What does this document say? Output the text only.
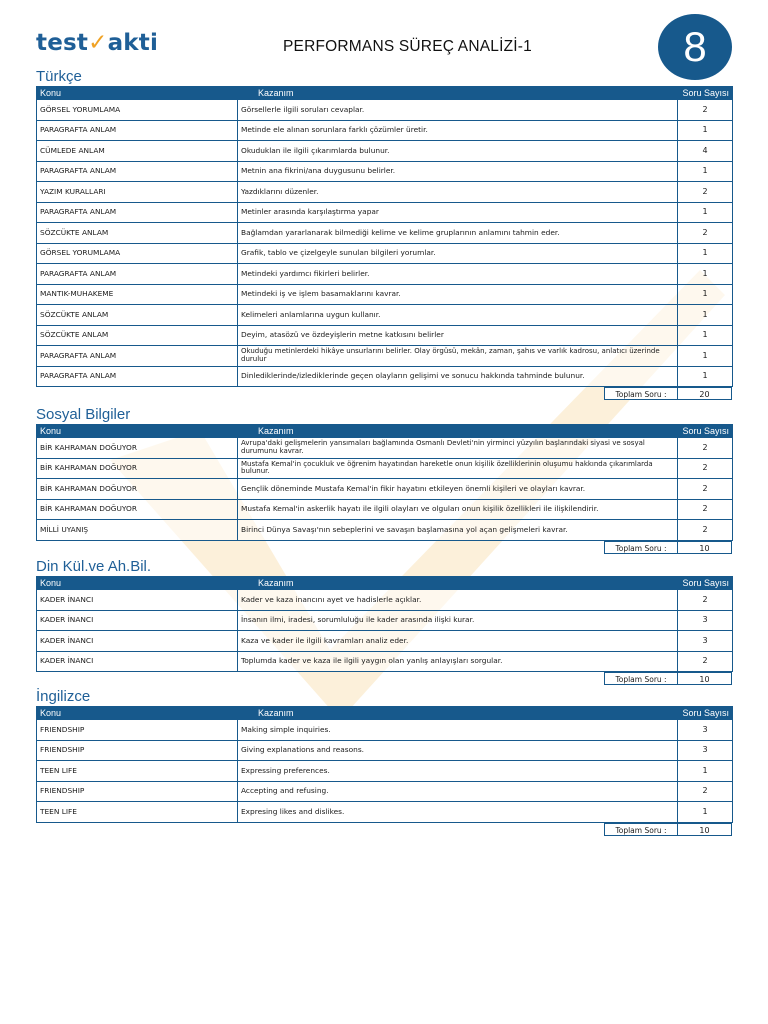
test✓akti	PERFORMANS SÜREÇ ANALİZİ-1	8
Türkçe
Konu	Kazanım	Soru Sayısı
GÖRSEL YORUMLAMA	Görsellerle ilgili soruları cevaplar.	2
PARAGRAFTA ANLAM	Metinde ele alınan sorunlara farklı çözümler üretir.	1
CÜMLEDE ANLAM	Okuduklan ile ilgili çıkarımlarda bulunur.	4
PARAGRAFTA ANLAM	Metnin ana fikrini/ana duygusunu belirler.	1
YAZIM KURALLARI	Yazdıklarını düzenler.	2
PARAGRAFTA ANLAM	Metinler arasında karşılaştırma yapar	1
SÖZCÜKTE ANLAM	Bağlamdan yararlanarak bilmediği kelime ve kelime gruplarının anlamını tahmin eder.	2
GÖRSEL YORUMLAMA	Grafik, tablo ve çizelgeyle sunulan bilgileri yorumlar.	1
PARAGRAFTA ANLAM	Metindeki yardımcı fikirleri belirler.	1
MANTIK-MUHAKEME	Metindeki iş ve işlem basamaklarını kavrar.	1
SÖZCÜKTE ANLAM	Kelimeleri anlamlarına uygun kullanır.	1
SÖZCÜKTE ANLAM	Deyim, atasözü ve özdeyişlerin metne katkısını belirler	1
PARAGRAFTA ANLAM	Okuduğu metinlerdeki hikâye unsurlarını belirler. Olay örgüsü, mekân, zaman, şahıs ve varlık kadrosu, anlatıcı üzerinde durulur	1
PARAGRAFTA ANLAM	Dinlediklerinde/izlediklerinde geçen olayların gelişimi ve sonucu hakkında tahminde bulunur.	1
Toplam Soru :	20
Sosyal Bilgiler
Konu	Kazanım	Soru Sayısı
BİR KAHRAMAN DOĞUYOR	Avrupa'daki gelişmelerin yansımaları bağlamında Osmanlı Devleti'nin yirminci yüzyılın başlarındaki siyasi ve sosyal durumunu kavrar.	2
BİR KAHRAMAN DOĞUYOR	Mustafa Kemal'in çocukluk ve öğrenim hayatından hareketle onun kişilik özelliklerinin oluşumu hakkında çıkarımlarda bulunur.	2
BİR KAHRAMAN DOĞUYOR	Gençlik döneminde Mustafa Kemal'in fikir hayatını etkileyen önemli kişileri ve olayları kavrar.	2
BİR KAHRAMAN DOĞUYOR	Mustafa Kemal'in askerlik hayatı ile ilgili olayları ve olguları onun kişilik özellikleri ile ilişkilendirir.	2
MİLLİ UYANIŞ	Birinci Dünya Savaşı'nın sebeplerini ve savaşın başlamasına yol açan gelişmeleri kavrar.	2
Toplam Soru :	10
Din Kül.ve Ah.Bil.
Konu	Kazanım	Soru Sayısı
KADER İNANCI	Kader ve kaza inancını ayet ve hadislerle açıklar.	2
KADER İNANCI	İnsanın ilmi, iradesi, sorumluluğu ile kader arasında ilişki kurar.	3
KADER İNANCI	Kaza ve kader ile ilgili kavramları analiz eder.	3
KADER İNANCI	Toplumda kader ve kaza ile ilgili yaygın olan yanlış anlayışları sorgular.	2
Toplam Soru :	10
İngilizce
Konu	Kazanım	Soru Sayısı
FRIENDSHIP	Making simple inquiries.	3
FRIENDSHIP	Giving explanations and reasons.	3
TEEN LIFE	Expressing preferences.	1
FRIENDSHIP	Accepting and refusing.	2
TEEN LIFE	Expresing likes and dislikes.	1
Toplam Soru :	10
